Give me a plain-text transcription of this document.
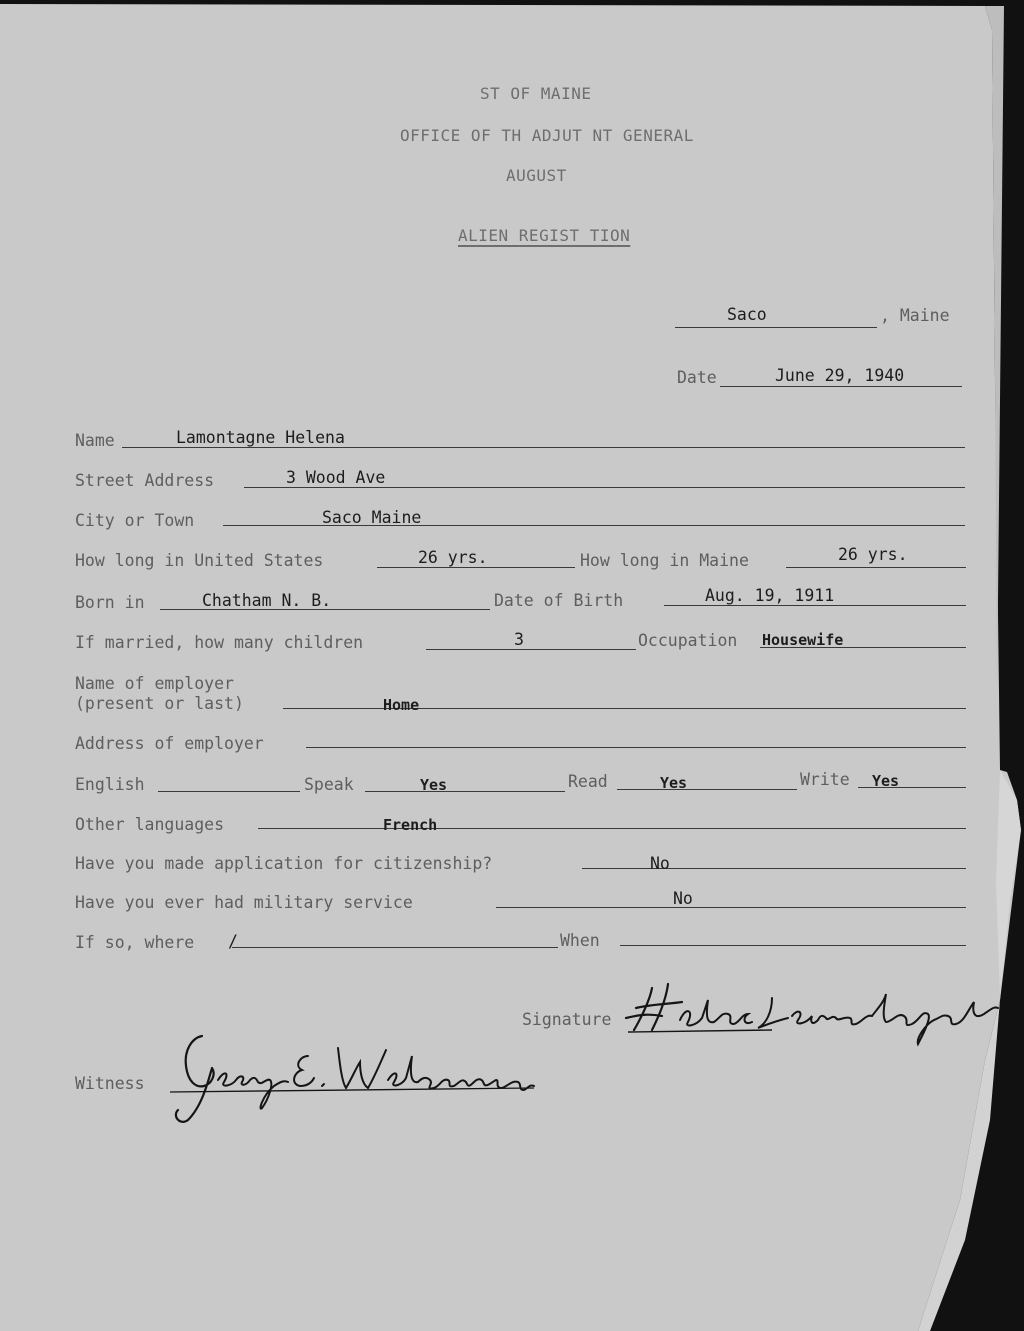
ST OF MAINE
OFFICE OF TH ADJUT NT GENERAL
AUGUST
ALIEN REGIST TION
Saco	, Maine
Date	June 29, 1940
Name	Lamontagne Helena
Street Address	3 Wood Ave
City or Town	Saco Maine
How long in United States	26 yrs.	How long in Maine	26 yrs.
Born in	Chatham N. B.	Date of Birth	Aug. 19, 1911
If married, how many children	3	Occupation Housewife
Name of employer
(present or last)	Home
Address of employer
English	Speak	Yes	Read	Yes	Write Yes
Other languages	French
Have you made application for citizenship?	No
Have you ever had military service	No
If so, where /	When
Signature
Witness
